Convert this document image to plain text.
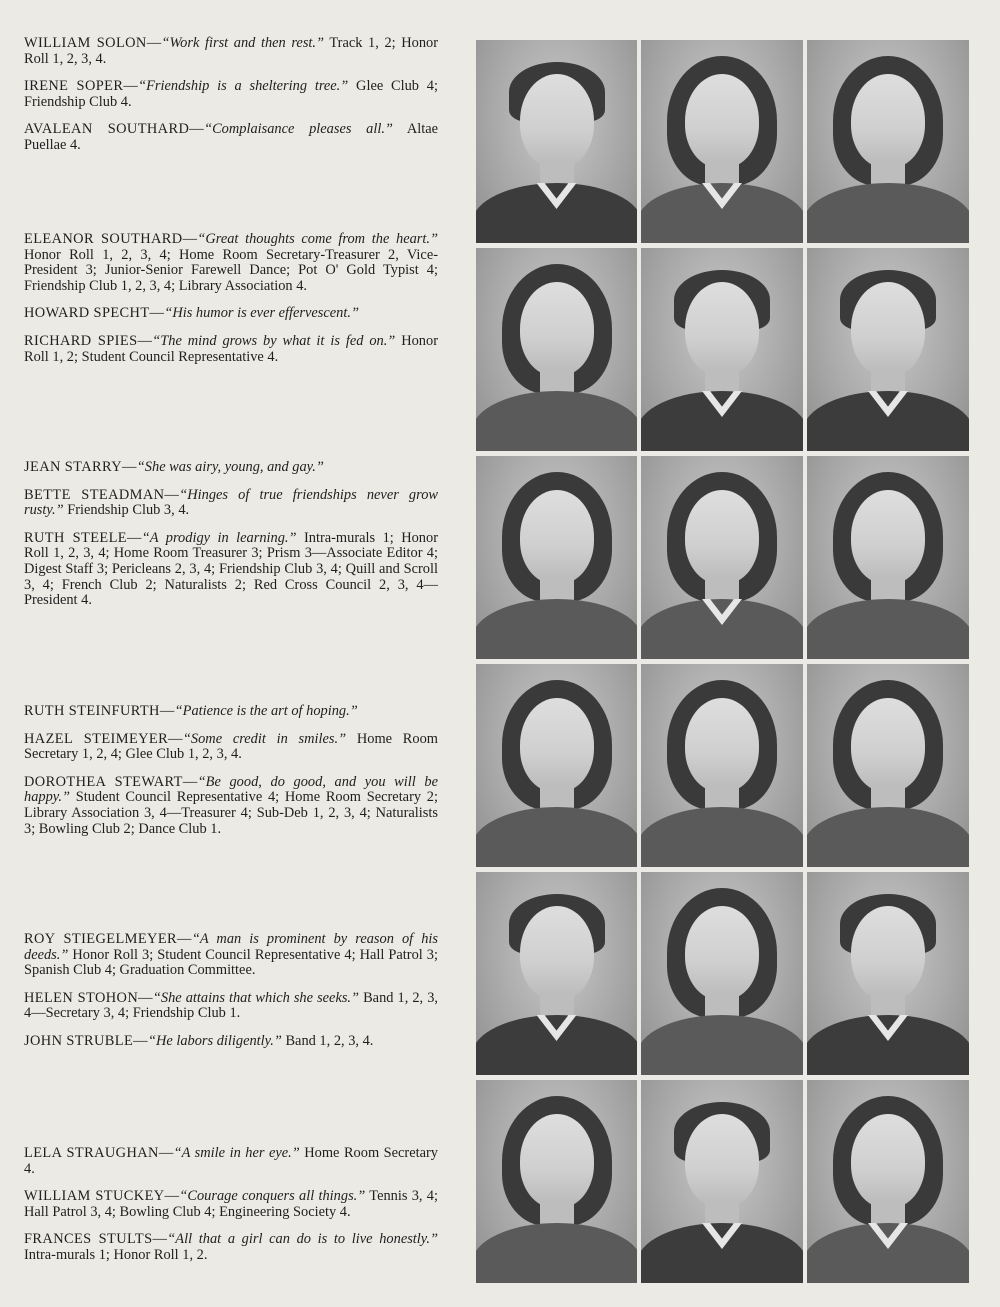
WILLIAM SOLON—“Work first and then rest.” Track 1, 2; Honor Roll 1, 2, 3, 4.

IRENE SOPER—“Friendship is a sheltering tree.” Glee Club 4; Friendship Club 4.

AVALEAN SOUTHARD—“Complaisance pleases all.” Altae Puellae 4.

ELEANOR SOUTHARD—“Great thoughts come from the heart.” Honor Roll 1, 2, 3, 4; Home Room Secretary-Treasurer 2, Vice-President 3; Junior-Senior Farewell Dance; Pot O' Gold Typist 4; Friendship Club 1, 2, 3, 4; Library Association 4.

HOWARD SPECHT—“His humor is ever effervescent.”

RICHARD SPIES—“The mind grows by what it is fed on.” Honor Roll 1, 2; Student Council Representative 4.

JEAN STARRY—“She was airy, young, and gay.”

BETTE STEADMAN—“Hinges of true friendships never grow rusty.” Friendship Club 3, 4.

RUTH STEELE—“A prodigy in learning.” Intra-murals 1; Honor Roll 1, 2, 3, 4; Home Room Treasurer 3; Prism 3—Associate Editor 4; Digest Staff 3; Pericleans 2, 3, 4; Friendship Club 3, 4; Quill and Scroll 3, 4; French Club 2; Naturalists 2; Red Cross Council 2, 3, 4—President 4.

RUTH STEINFURTH—“Patience is the art of hoping.”

HAZEL STEIMEYER—“Some credit in smiles.” Home Room Secretary 1, 2, 4; Glee Club 1, 2, 3, 4.

DOROTHEA STEWART—“Be good, do good, and you will be happy.” Student Council Representative 4; Home Room Secretary 2; Library Association 3, 4—Treasurer 4; Sub-Deb 1, 2, 3, 4; Naturalists 3; Bowling Club 2; Dance Club 1.

ROY STIEGELMEYER—“A man is prominent by reason of his deeds.” Honor Roll 3; Student Council Representative 4; Hall Patrol 3; Spanish Club 4; Graduation Committee.

HELEN STOHON—“She attains that which she seeks.” Band 1, 2, 3, 4—Secretary 3, 4; Friendship Club 1.

JOHN STRUBLE—“He labors diligently.” Band 1, 2, 3, 4.

LELA STRAUGHAN—“A smile in her eye.” Home Room Secretary 4.

WILLIAM STUCKEY—“Courage conquers all things.” Tennis 3, 4; Hall Patrol 3, 4; Bowling Club 4; Engineering Society 4.

FRANCES STULTS—“All that a girl can do is to live honestly.” Intra-murals 1; Honor Roll 1, 2.
